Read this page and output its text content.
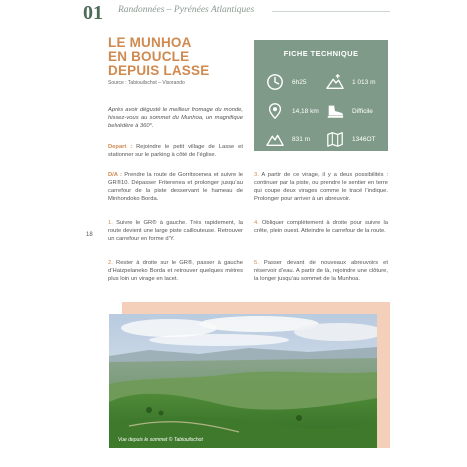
01 Randonnées – Pyrénées Atlantiques
18
LE MUNHOA
EN BOUCLE
DEPUIS LASSE
Source : Tabiouilschot – Visorando
FICHE TECHNIQUE
6h25	1 013 m
14,18 km	Difficile
831 m	1346OT

Après avoir dégusté le meilleur fromage du monde, hissez-vous au sommet du Munhoa, un magnifique belvédère à 360°.

Depart : Rejoindre le petit village de Lasse et stationner sur le parking à côté de l’église.

D/A : Prendre la route de Gorritxoenea et suivre le GR®10. Dépasser Friterenea et prolonger jusqu’au carrefour de la piste desservant le hameau de Minhondoko Borda.

1. Suivre le GR® à gauche. Très rapidement, la route devient une large piste caillouteuse. Retrouver un carrefour en forme d’Y.

2. Rester à droite sur le GR®, passer à gauche d’Haizpelaneko Borda et retrouver quelques mètres plus loin un virage en lacet.

3. A partir de ce virage, il y a deux possibilités : continuer par la piste, ou prendre le sentier en terre qui coupe deux virages comme le tracé l’indique. Prolonger pour arriver à un abreuvoir.

4. Obliquer complètement à droite pour suivre la crête, plein ouest. Atteindre le carrefour de la route.

5. Passer devant de nouveaux abreuvoirs et réservoir d’eau. A partir de là, rejoindre une clôture, la longer jusqu’au sommet de la Munhoa.

Vue depuis le sommet © Tabiouilschot
